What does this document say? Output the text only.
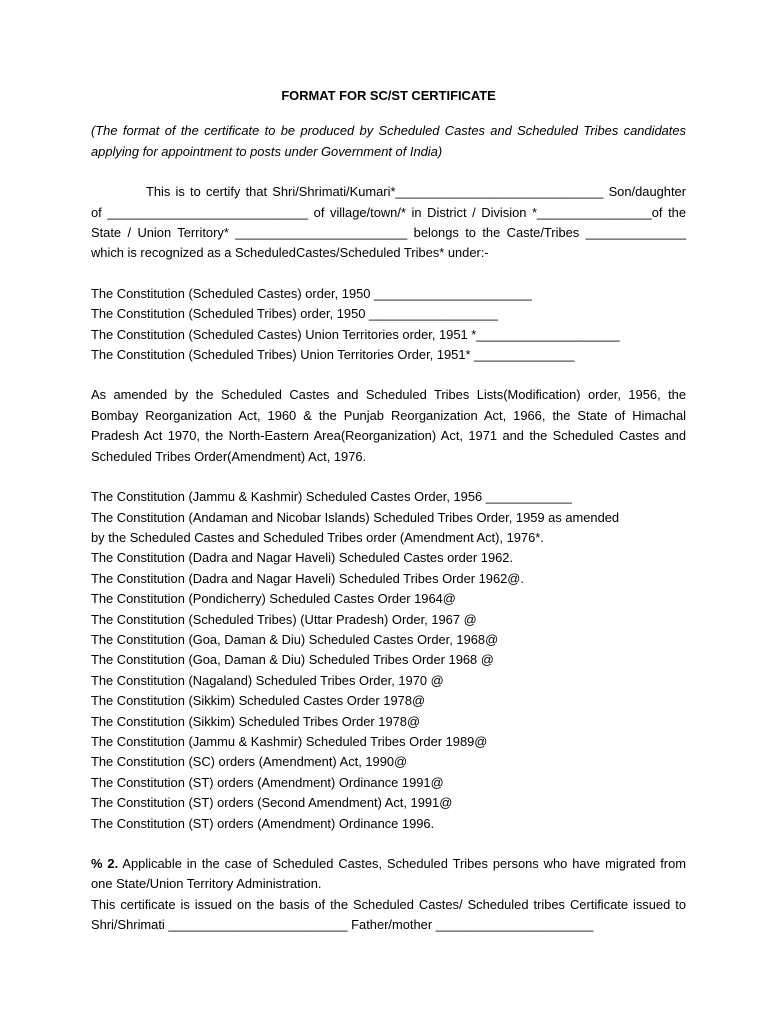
FORMAT FOR SC/ST CERTIFICATE
(The format of the certificate to be produced by Scheduled Castes and Scheduled Tribes candidates applying for appointment to posts under Government of India)
This is to certify that Shri/Shrimati/Kumari*_____________________________ Son/daughter of ____________________________ of village/town/* in District / Division *________________of the State / Union Territory* ________________________ belongs to the Caste/Tribes ______________ which is recognized as a ScheduledCastes/Scheduled Tribes* under:-
The Constitution (Scheduled Castes) order, 1950 ______________________
The Constitution (Scheduled Tribes) order, 1950 __________________
The Constitution (Scheduled Castes) Union Territories order, 1951 *____________________
The Constitution (Scheduled Tribes) Union Territories Order, 1951* ______________
As amended by the Scheduled Castes and Scheduled Tribes Lists(Modification) order, 1956, the Bombay Reorganization Act, 1960 & the Punjab Reorganization Act, 1966, the State of Himachal Pradesh Act 1970, the North-Eastern Area(Reorganization) Act, 1971 and the Scheduled Castes and Scheduled Tribes Order(Amendment) Act, 1976.
The Constitution (Jammu & Kashmir) Scheduled Castes Order, 1956 ____________
The Constitution (Andaman and Nicobar Islands) Scheduled Tribes Order, 1959 as amended
by the Scheduled Castes and Scheduled Tribes order (Amendment Act), 1976*.
The Constitution (Dadra and Nagar Haveli) Scheduled Castes order 1962.
The Constitution (Dadra and Nagar Haveli) Scheduled Tribes Order 1962@.
The Constitution (Pondicherry) Scheduled Castes Order 1964@
The Constitution (Scheduled Tribes) (Uttar Pradesh) Order, 1967 @
The Constitution (Goa, Daman & Diu) Scheduled Castes Order, 1968@
The Constitution (Goa, Daman & Diu) Scheduled Tribes Order 1968 @
The Constitution (Nagaland) Scheduled Tribes Order, 1970 @
The Constitution (Sikkim) Scheduled Castes Order 1978@
The Constitution (Sikkim) Scheduled Tribes Order 1978@
The Constitution (Jammu & Kashmir) Scheduled Tribes Order 1989@
The Constitution (SC) orders (Amendment) Act, 1990@
The Constitution (ST) orders (Amendment) Ordinance 1991@
The Constitution (ST) orders (Second Amendment) Act, 1991@
The Constitution (ST) orders (Amendment) Ordinance 1996.
% 2. Applicable in the case of Scheduled Castes, Scheduled Tribes persons who have migrated from one State/Union Territory Administration.
This certificate is issued on the basis of the Scheduled Castes/ Scheduled tribes Certificate issued to Shri/Shrimati _________________________ Father/mother ______________________
